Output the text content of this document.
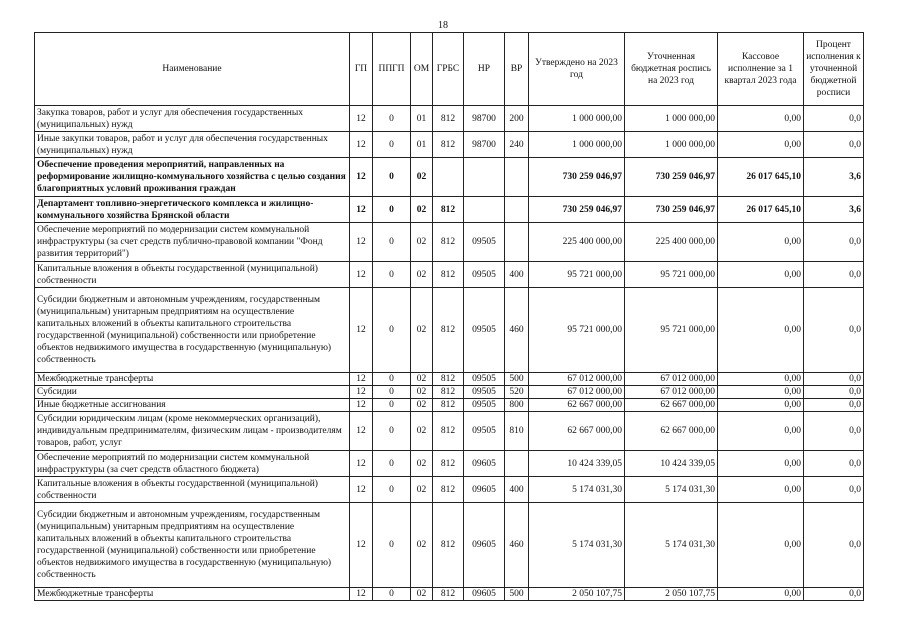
18
Наименование	ГП	ППГП	ОМ	ГРБС	НР	ВР	Утверждено на 2023 год	Уточненная бюджетная роспись на 2023 год	Кассовое исполнение за 1 квартал 2023 года	Процент исполнения к уточненной бюджетной росписи
Закупка товаров, работ и услуг для обеспечения государственных (муниципальных) нужд	12	0	01	812	98700	200	1 000 000,00	1 000 000,00	0,00	0,0
Иные закупки товаров, работ и услуг для обеспечения государственных (муниципальных) нужд	12	0	01	812	98700	240	1 000 000,00	1 000 000,00	0,00	0,0
Обеспечение проведения мероприятий, направленных на реформирование жилищно-коммунального хозяйства с целью создания благоприятных условий проживания граждан	12	0	02				730 259 046,97	730 259 046,97	26 017 645,10	3,6
Департамент топливно-энергетического комплекса и жилищно-коммунального хозяйства Брянской области	12	0	02	812			730 259 046,97	730 259 046,97	26 017 645,10	3,6
Обеспечение мероприятий по модернизации систем коммунальной инфраструктуры (за счет средств публично-правовой компании "Фонд развития территорий")	12	0	02	812	09505		225 400 000,00	225 400 000,00	0,00	0,0
Капитальные вложения в объекты государственной (муниципальной) собственности	12	0	02	812	09505	400	95 721 000,00	95 721 000,00	0,00	0,0
Субсидии бюджетным и автономным учреждениям, государственным (муниципальным) унитарным предприятиям на осуществление капитальных вложений в объекты капитального строительства государственной (муниципальной) собственности или приобретение объектов недвижимого имущества в государственную (муниципальную) собственность	12	0	02	812	09505	460	95 721 000,00	95 721 000,00	0,00	0,0
Межбюджетные трансферты	12	0	02	812	09505	500	67 012 000,00	67 012 000,00	0,00	0,0
Субсидии	12	0	02	812	09505	520	67 012 000,00	67 012 000,00	0,00	0,0
Иные бюджетные ассигнования	12	0	02	812	09505	800	62 667 000,00	62 667 000,00	0,00	0,0
Субсидии юридическим лицам (кроме некоммерческих организаций), индивидуальным предпринимателям, физическим лицам - производителям товаров, работ, услуг	12	0	02	812	09505	810	62 667 000,00	62 667 000,00	0,00	0,0
Обеспечение мероприятий по модернизации систем коммунальной инфраструктуры (за счет средств областного бюджета)	12	0	02	812	09605		10 424 339,05	10 424 339,05	0,00	0,0
Капитальные вложения в объекты государственной (муниципальной) собственности	12	0	02	812	09605	400	5 174 031,30	5 174 031,30	0,00	0,0
Субсидии бюджетным и автономным учреждениям, государственным (муниципальным) унитарным предприятиям на осуществление капитальных вложений в объекты капитального строительства государственной (муниципальной) собственности или приобретение объектов недвижимого имущества в государственную (муниципальную) собственность	12	0	02	812	09605	460	5 174 031,30	5 174 031,30	0,00	0,0
Межбюджетные трансферты	12	0	02	812	09605	500	2 050 107,75	2 050 107,75	0,00	0,0
